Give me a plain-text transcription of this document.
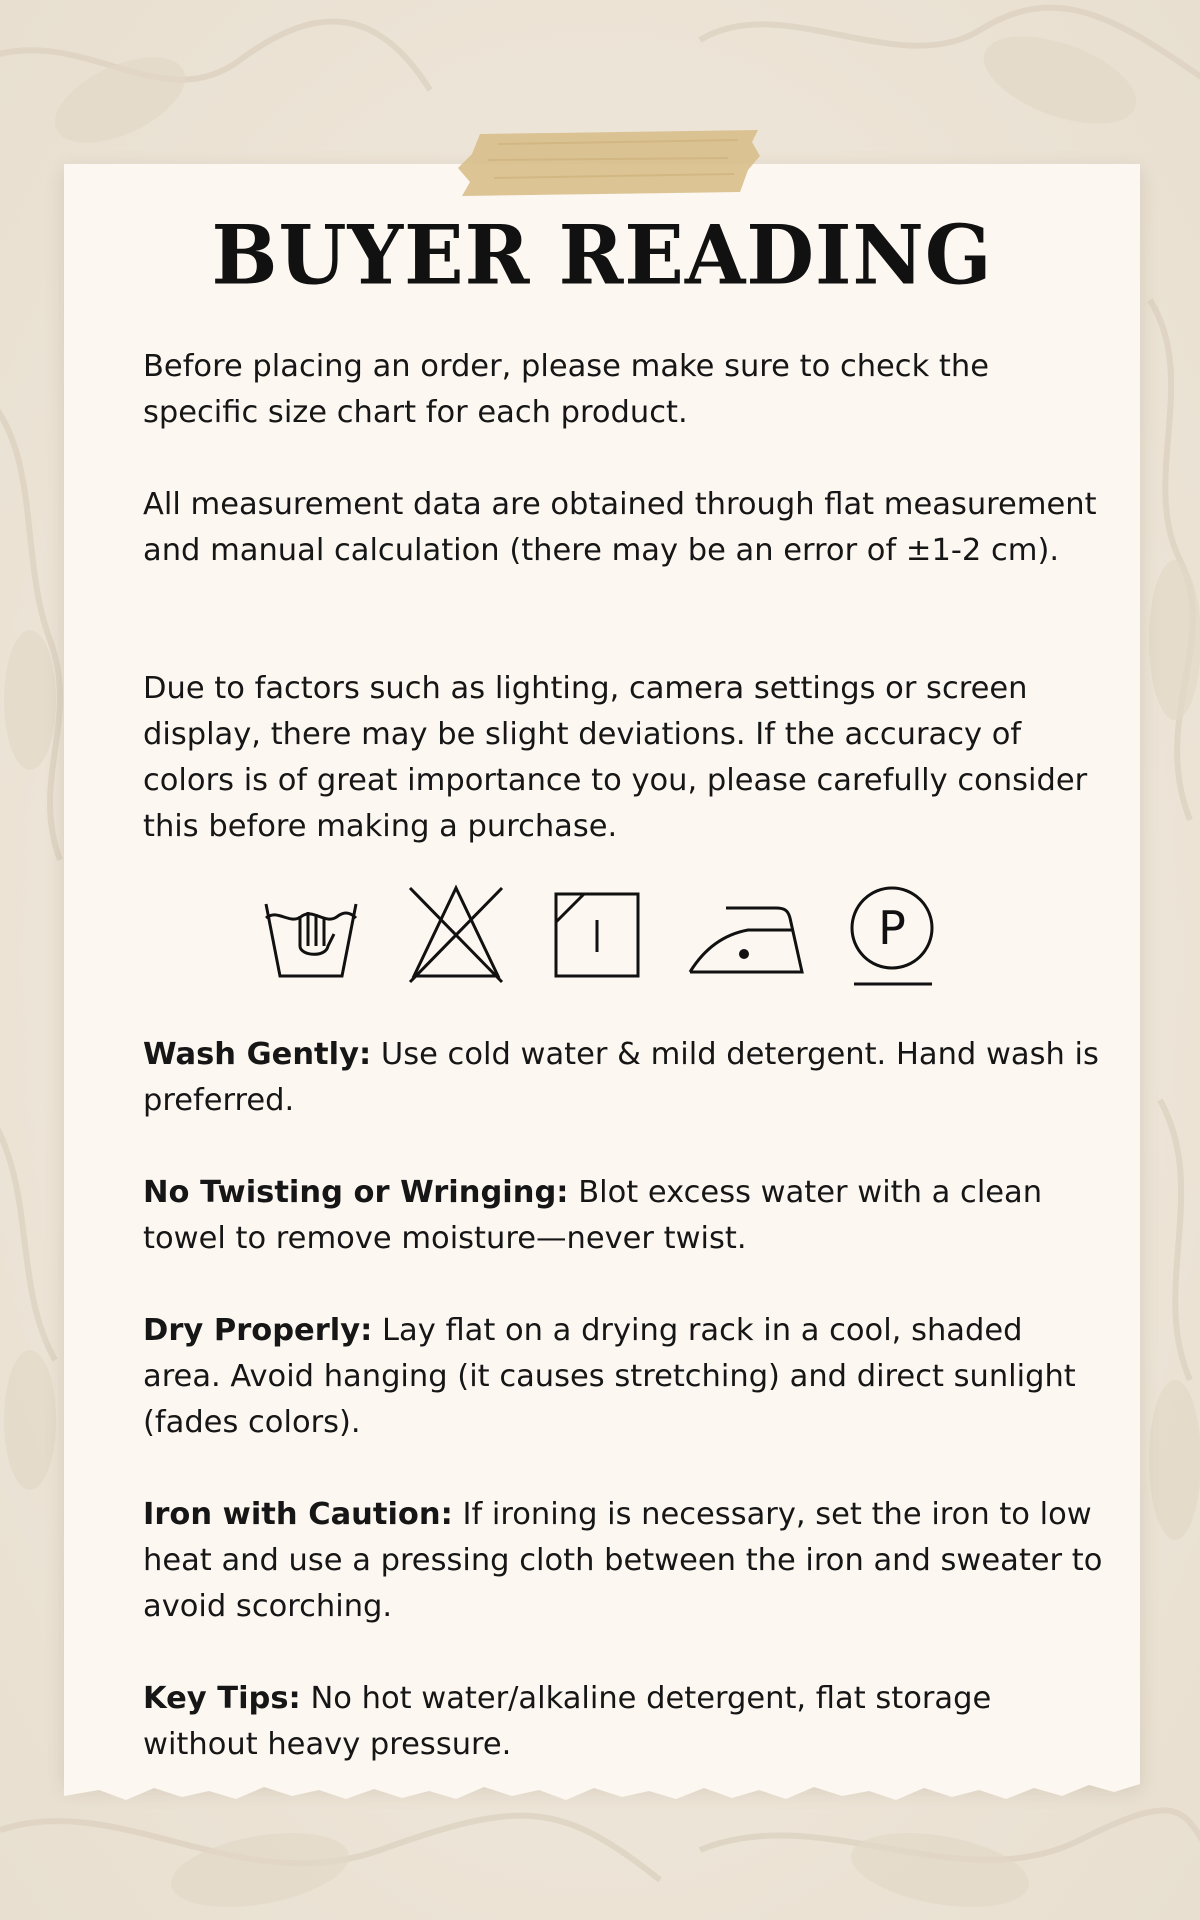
BUYER READING

Before placing an order, please make sure to check the specific size chart for each product.

All measurement data are obtained through flat measurement and manual calculation (there may be an error of ±1-2 cm).

Due to factors such as lighting, camera settings or screen display, there may be slight deviations. If the accuracy of colors is of great importance to you, please carefully consider this before making a purchase.

P

Wash Gently: Use cold water & mild detergent. Hand wash is preferred.

No Twisting or Wringing: Blot excess water with a clean towel to remove moisture—never twist.

Dry Properly: Lay flat on a drying rack in a cool, shaded area. Avoid hanging (it causes stretching) and direct sunlight (fades colors).

Iron with Caution: If ironing is necessary, set the iron to low heat and use a pressing cloth between the iron and sweater to avoid scorching.

Key Tips: No hot water/alkaline detergent, flat storage without heavy pressure.
